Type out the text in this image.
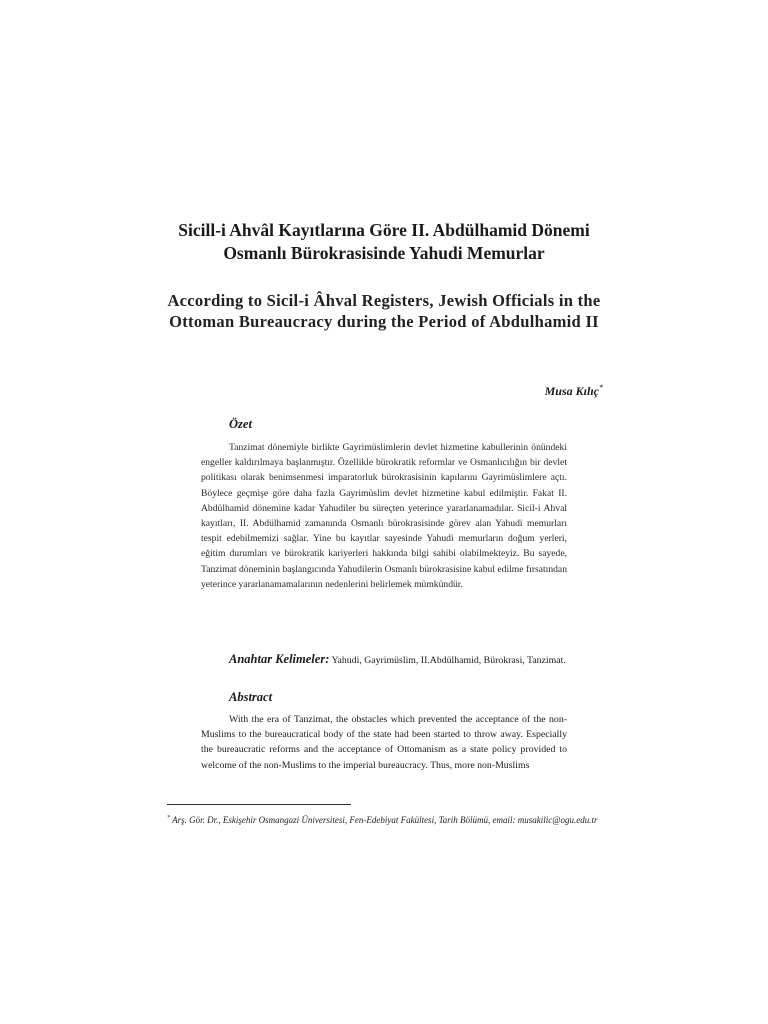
Sicill-i Ahvâl Kayıtlarına Göre II. Abdülhamid Dönemi Osmanlı Bürokrasisinde Yahudi Memurlar
According to Sicil-i Âhval Registers, Jewish Officials in the Ottoman Bureaucracy during the Period of Abdulhamid II
Musa Kılıç*
Özet
Tanzimat dönemiyle birlikte Gayrimüslimlerin devlet hizmetine kabullerinin önündeki engeller kaldırılmaya başlanmıştır. Özellikle bürokratik reformlar ve Osmanlıcılığın bir devlet politikası olarak benimsenmesi imparatorluk bürokrasisinin kapılarını Gayrimüslimlere açtı. Böylece geçmişe göre daha fazla Gayrimüslim devlet hizmetine kabul edilmiştir. Fakat II. Abdülhamid dönemine kadar Yahudiler bu süreçten yeterince yararlanamadılar. Sicil-i Ahval kayıtları, II. Abdülhamid zamanında Osmanlı bürokrasisinde görev alan Yahudi memurları tespit edebilmemizi sağlar. Yine bu kayıtlar sayesinde Yahudi memurların doğum yerleri, eğitim durumları ve bürokratik kariyerleri hakkında bilgi sahibi olabilmekteyiz. Bu sayede, Tanzimat döneminin başlangıcında Yahudilerin Osmanlı bürokrasisine kabul edilme fırsatından yeterince yararlanamamalarının nedenlerini belirlemek mümkündür.
Anahtar Kelimeler: Yahudi, Gayrimüslim, II.Abdülhamid, Bürokrasi, Tanzimat.
Abstract
With the era of Tanzimat, the obstacles which prevented the acceptance of the non-Muslims to the bureaucratical body of the state had been started to throw away. Especially the bureaucratic reforms and the acceptance of Ottomanism as a state policy provided to welcome of the non-Muslims to the imperial bureaucracy. Thus, more non-Muslims
* Arş. Gör. Dr., Eskişehir Osmangazi Üniversitesi, Fen-Edebiyat Fakültesi, Tarih Bölümü, email: musakilic@ogu.edu.tr
